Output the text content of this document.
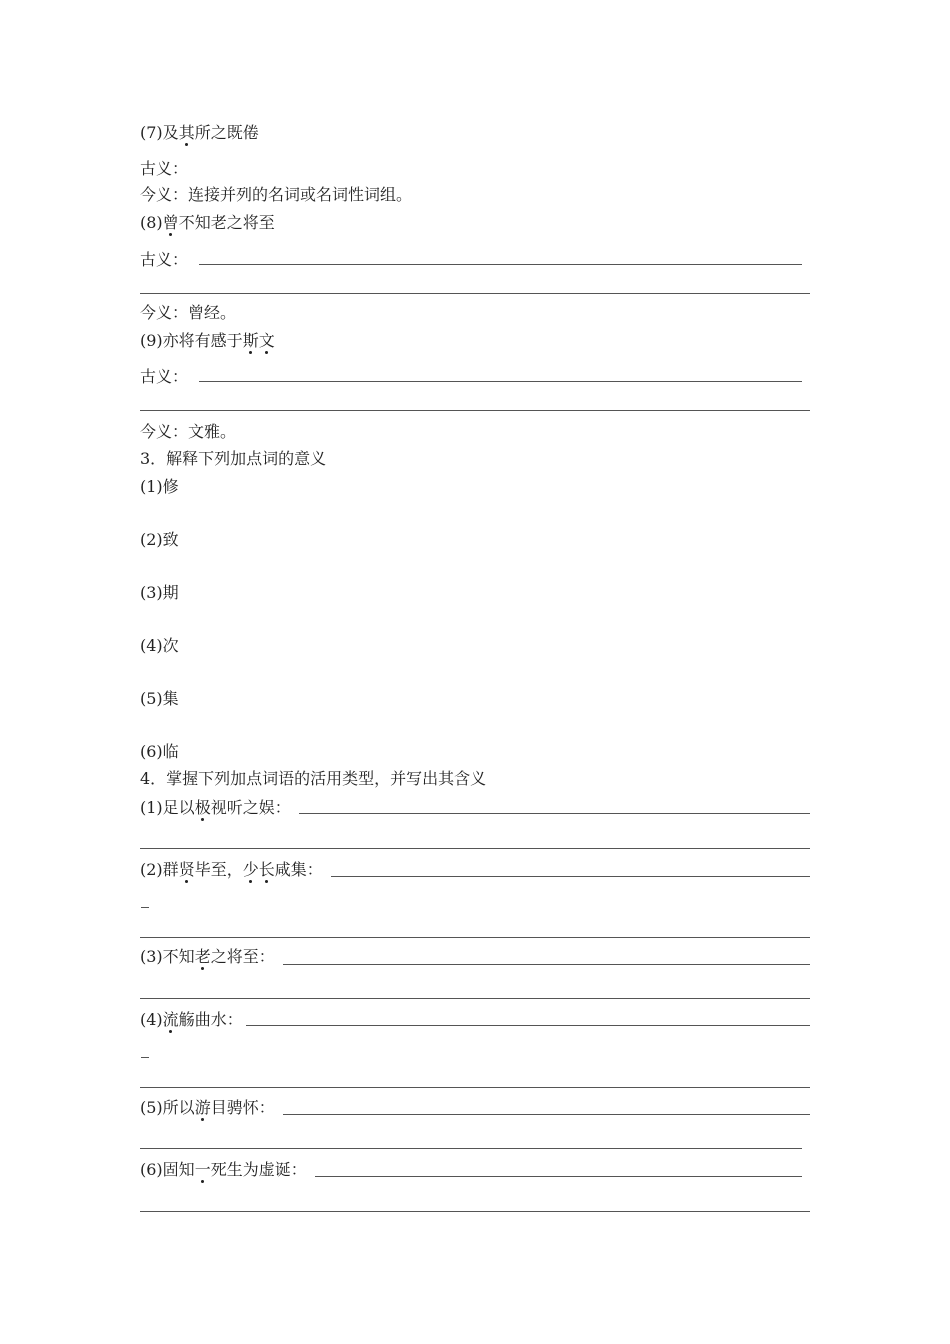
(7)及其所之既倦
古义：
今义：连接并列的名词或名词性词组。
(8)曾不知老之将至
古义：
今义：曾经。
(9)亦将有感于斯文
古义：
今义：文雅。
3．解释下列加点词的意义
(1)修
(2)致
(3)期
(4)次
(5)集
(6)临
4．掌握下列加点词语的活用类型，并写出其含义
(1)足以极视听之娱：
(2)群贤毕至，少长咸集：
(3)不知老之将至：
(4)流觞曲水：
(5)所以游目骋怀：
(6)固知一死生为虚诞：
